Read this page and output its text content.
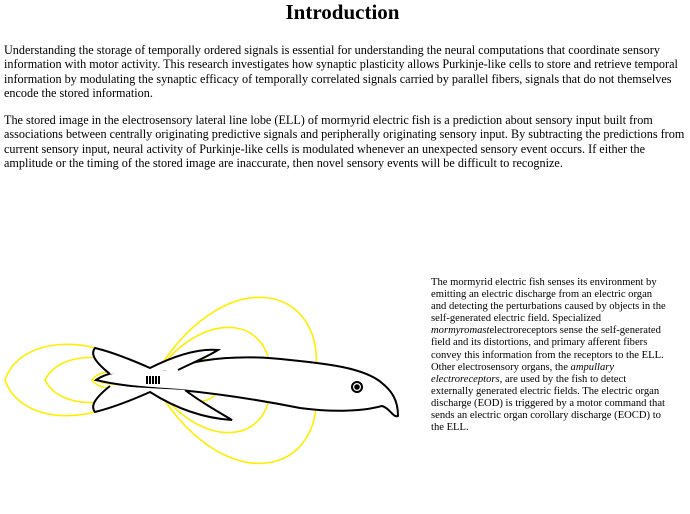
Introduction

Understanding the storage of temporally ordered signals is essential for understanding the neural computations that coordinate sensory information with motor activity. This research investigates how synaptic plasticity allows Purkinje-like cells to store and retrieve temporal information by modulating the synaptic efficacy of temporally correlated signals carried by parallel fibers, signals that do not themselves encode the stored information.

The stored image in the electrosensory lateral line lobe (ELL) of mormyrid electric fish is a prediction about sensory input built from associations between centrally originating predictive signals and peripherally originating sensory input. By subtracting the predictions from current sensory input, neural activity of Purkinje-like cells is modulated whenever an unexpected sensory event occurs. If either the amplitude or the timing of the stored image are inaccurate, then novel sensory events will be difficult to recognize.

The mormyrid electric fish senses its environment by emitting an electric discharge from an electric organ and detecting the perturbations caused by objects in the self-generated electric field. Specialized mormyromastelectroreceptors sense the self-generated field and its distortions, and primary afferent fibers convey this information from the receptors to the ELL. Other electrosensory organs, the ampullary electroreceptors, are used by the fish to detect externally generated electric fields. The electric organ discharge (EOD) is triggered by a motor command that sends an electric organ corollary discharge (EOCD) to the ELL.
